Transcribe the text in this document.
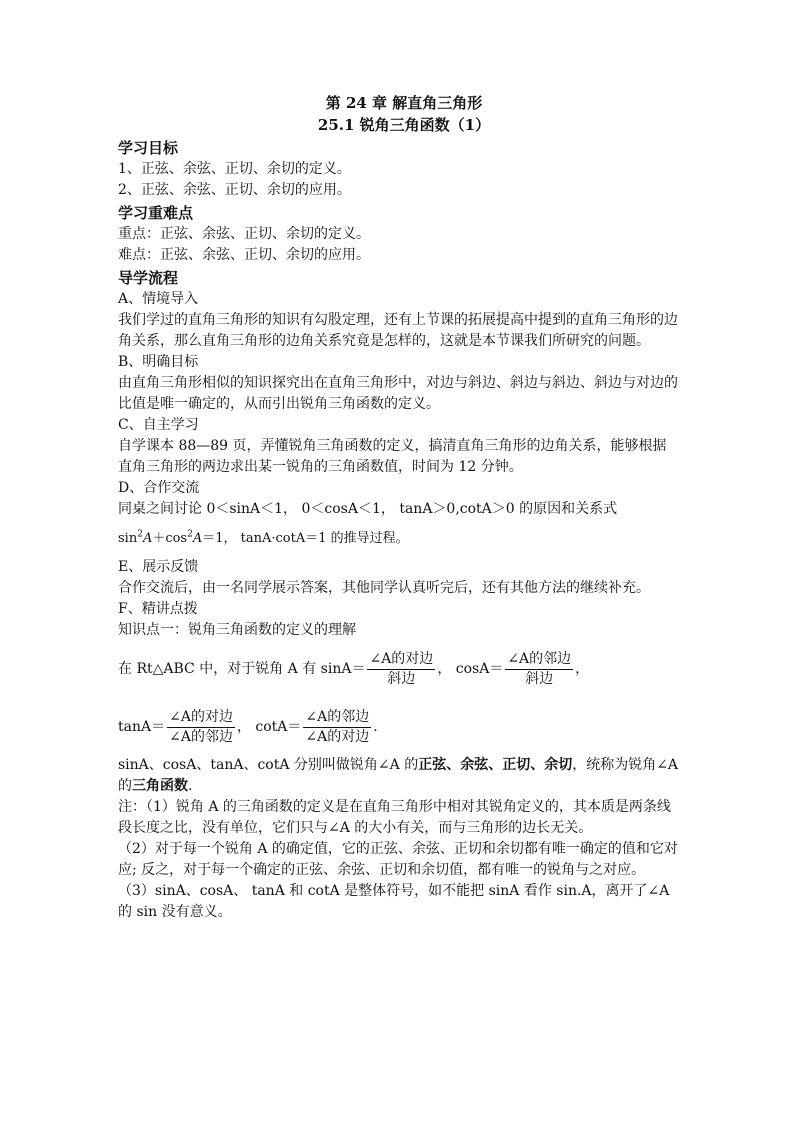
第 24 章 解直角三角形
25.1 锐角三角函数（1）
学习目标

1、正弦、余弦、正切、余切的定义。

2、正弦、余弦、正切、余切的应用。

学习重难点

重点：正弦、余弦、正切、余切的定义。

难点：正弦、余弦、正切、余切的应用。

导学流程

A、情境导入

我们学过的直角三角形的知识有勾股定理，还有上节课的拓展提高中提到的直角三角形的边角关系，那么直角三角形的边角关系究竟是怎样的，这就是本节课我们所研究的问题。

B、明确目标

由直角三角形相似的知识探究出在直角三角形中，对边与斜边、斜边与斜边、斜边与对边的比值是唯一确定的，从而引出锐角三角函数的定义。

C、自主学习

自学课本 88—89 页，弄懂锐角三角函数的定义，搞清直角三角形的边角关系，能够根据直角三角形的两边求出某一锐角的三角函数值，时间为 12 分钟。

D、合作交流

同桌之间讨论 0＜sinA＜1， 0＜cosA＜1， tanA＞0,cotA＞0 的原因和关系式

$\sin^2A+\cos^2A=1$， tanA·cotA＝1 的推导过程。

E、展示反馈

合作交流后，由一名同学展示答案，其他同学认真听完后，还有其他方法的继续补充。

F、精讲点拨

知识点一：锐角三角函数的定义的理解

在 Rt△ABC 中，对于锐角 A 有 $\sin A= \frac{\text{∠A的对边}}{\text{斜边}}$ ， $\cos A= \frac{\text{∠A的邻边}}{\text{斜边}}$ ，
$\tan A= \frac{\text{∠A的对边}}{\text{∠A的邻边}}$ ， $\cot A= \frac{\text{∠A的邻边}}{\text{∠A的对边}}$ .

sinA、cosA、tanA、cotA 分别叫做锐角∠A 的正弦、余弦、正切、余切，统称为锐角∠A 的三角函数.

注：（1）锐角 A 的三角函数的定义是在直角三角形中相对其锐角定义的，其本质是两条线段长度之比，没有单位，它们只与∠A 的大小有关，而与三角形的边长无关。

（2）对于每一个锐角 A 的确定值，它的正弦、余弦、正切和余切都有唯一确定的值和它对应; 反之，对于每一个确定的正弦、余弦、正切和余切值，都有唯一的锐角与之对应。

（3）sinA、cosA、 tanA 和 cotA 是整体符号，如不能把 sinA 看作 sin.A，离开了∠A 的 sin 没有意义。
